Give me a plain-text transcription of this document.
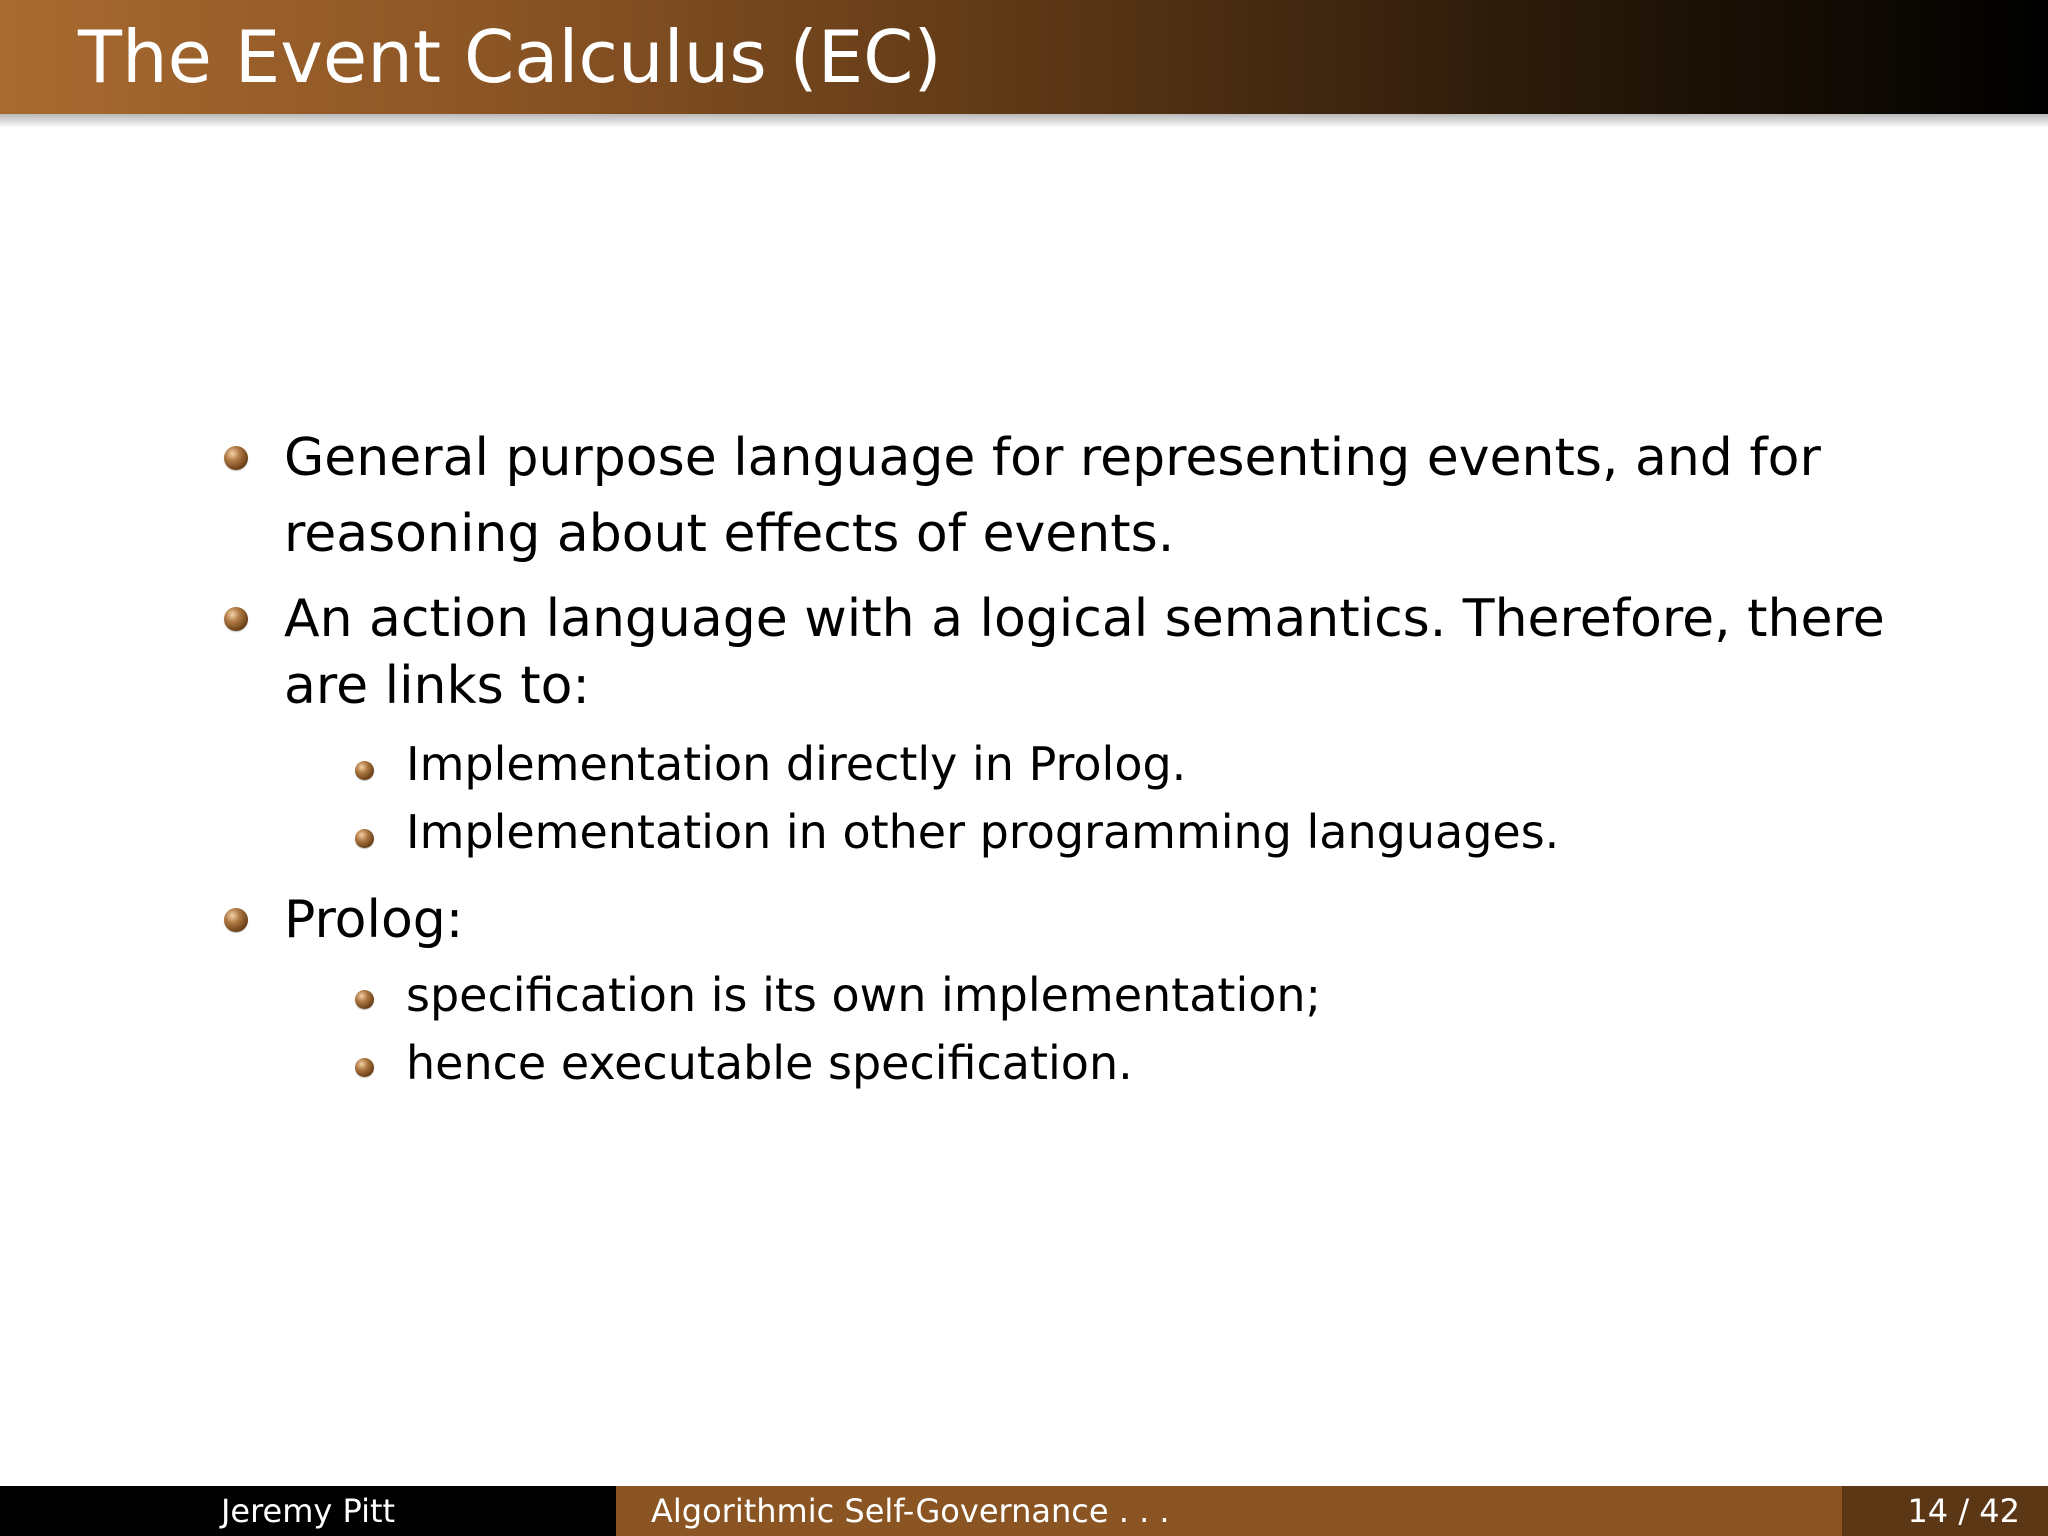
The Event Calculus (EC)
General purpose language for representing events, and for
reasoning about effects of events.
An action language with a logical semantics. Therefore, there
are links to:
Implementation directly in Prolog.
Implementation in other programming languages.
Prolog:
specification is its own implementation;
hence executable specification.
Jeremy Pitt	Algorithmic Self-Governance . . .	14 / 42
